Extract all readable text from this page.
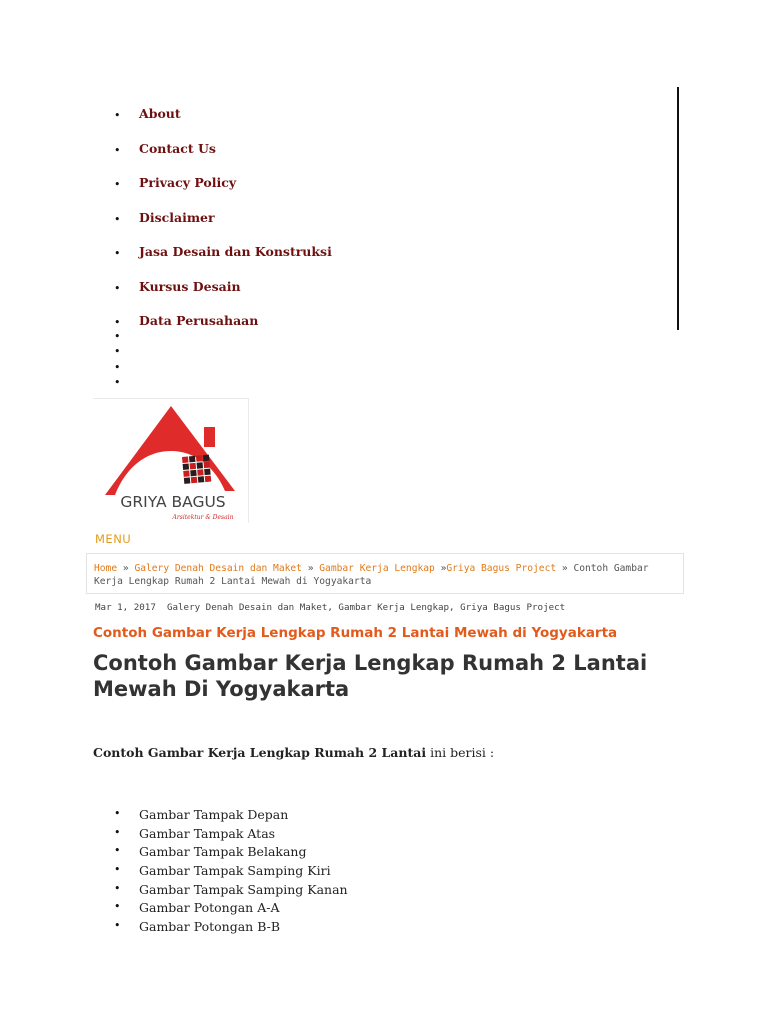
• About
• Contact Us
• Privacy Policy
• Disclaimer
• Jasa Desain dan Konstruksi
• Kursus Desain
• Data Perusahaan
•
•
•
•
GRIYA BAGUS
Arsitektur & Desain
MENU
Home » Galery Denah Desain dan Maket » Gambar Kerja Lengkap »Griya Bagus Project » Contoh Gambar Kerja Lengkap Rumah 2 Lantai Mewah di Yogyakarta
Mar 1, 2017 Galery Denah Desain dan Maket, Gambar Kerja Lengkap, Griya Bagus Project
Contoh Gambar Kerja Lengkap Rumah 2 Lantai Mewah di Yogyakarta
Contoh Gambar Kerja Lengkap Rumah 2 Lantai Mewah Di Yogyakarta

Contoh Gambar Kerja Lengkap Rumah 2 Lantai ini berisi :

• Gambar Tampak Depan
• Gambar Tampak Atas
• Gambar Tampak Belakang
• Gambar Tampak Samping Kiri
• Gambar Tampak Samping Kanan
• Gambar Potongan A-A
• Gambar Potongan B-B
